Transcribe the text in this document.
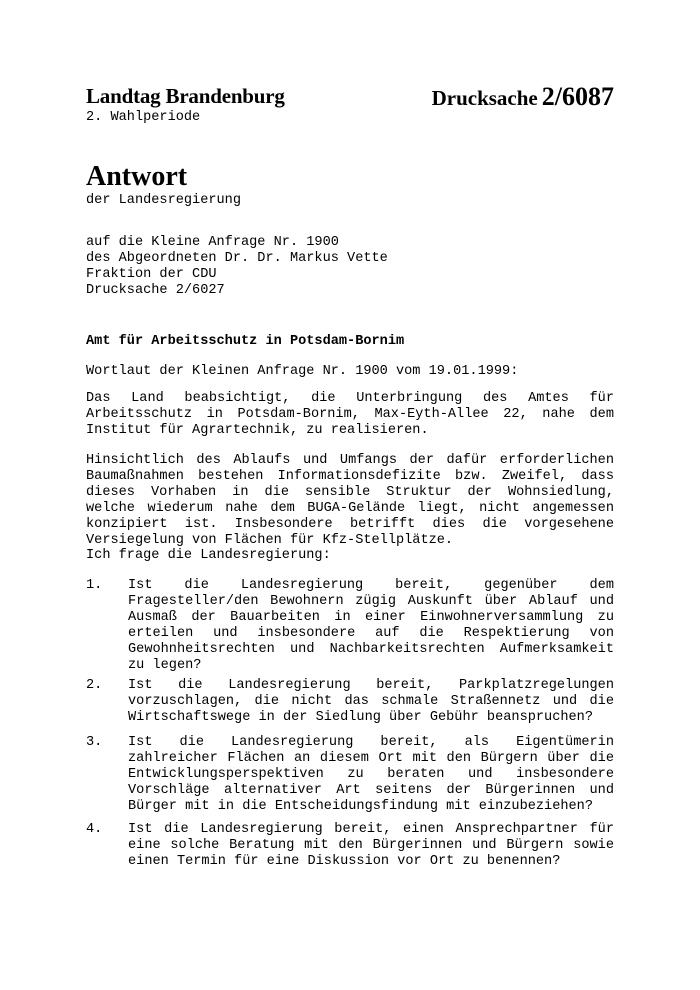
Landtag Brandenburg	Drucksache 2/6087
2. Wahlperiode
Antwort
der Landesregierung
auf die Kleine Anfrage Nr. 1900
des Abgeordneten Dr. Dr. Markus Vette
Fraktion der CDU
Drucksache 2/6027
Amt für Arbeitsschutz in Potsdam-Bornim
Wortlaut der Kleinen Anfrage Nr. 1900 vom 19.01.1999:
Das Land beabsichtigt, die Unterbringung des Amtes für
Arbeitsschutz in Potsdam-Bornim, Max-Eyth-Allee 22, nahe dem
Institut für Agrartechnik, zu realisieren.
Hinsichtlich des Ablaufs und Umfangs der dafür erforderlichen
Baumaßnahmen bestehen Informationsdefizite bzw. Zweifel, dass
dieses Vorhaben in die sensible Struktur der Wohnsiedlung,
welche wiederum nahe dem BUGA-Gelände liegt, nicht angemessen
konzipiert ist. Insbesondere betrifft dies die vorgesehene
Versiegelung von Flächen für Kfz-Stellplätze.
Ich frage die Landesregierung:
1. Ist die Landesregierung bereit, gegenüber dem
Fragesteller/den Bewohnern zügig Auskunft über Ablauf und
Ausmaß der Bauarbeiten in einer Einwohnerversammlung zu
erteilen und insbesondere auf die Respektierung von
Gewohnheitsrechten und Nachbarkeitsrechten Aufmerksamkeit
zu legen?
2. Ist die Landesregierung bereit, Parkplatzregelungen
vorzuschlagen, die nicht das schmale Straßennetz und die
Wirtschaftswege in der Siedlung über Gebühr beanspruchen?
3. Ist die Landesregierung bereit, als Eigentümerin
zahlreicher Flächen an diesem Ort mit den Bürgern über die
Entwicklungsperspektiven zu beraten und insbesondere
Vorschläge alternativer Art seitens der Bürgerinnen und
Bürger mit in die Entscheidungsfindung mit einzubeziehen?
4. Ist die Landesregierung bereit, einen Ansprechpartner für
eine solche Beratung mit den Bürgerinnen und Bürgern sowie
einen Termin für eine Diskussion vor Ort zu benennen?
